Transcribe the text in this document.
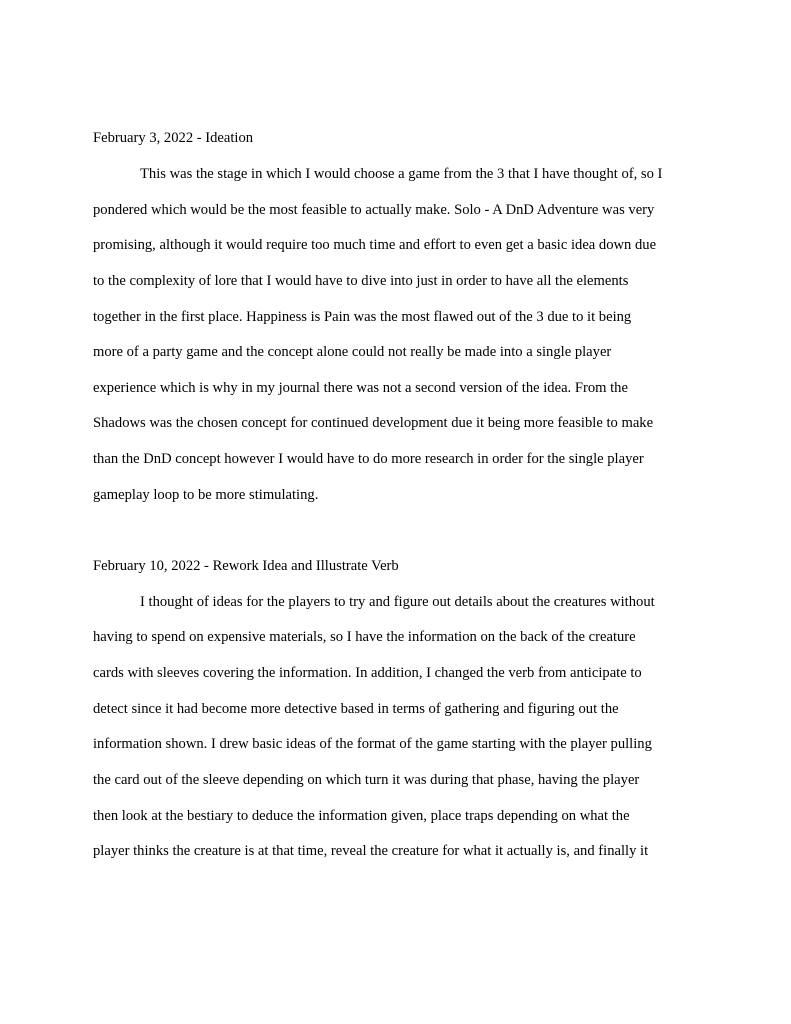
February 3, 2022 - Ideation
This was the stage in which I would choose a game from the 3 that I have thought of, so I
pondered which would be the most feasible to actually make. Solo - A DnD Adventure was very
promising, although it would require too much time and effort to even get a basic idea down due
to the complexity of lore that I would have to dive into just in order to have all the elements
together in the first place. Happiness is Pain was the most flawed out of the 3 due to it being
more of a party game and the concept alone could not really be made into a single player
experience which is why in my journal there was not a second version of the idea. From the
Shadows was the chosen concept for continued development due it being more feasible to make
than the DnD concept however I would have to do more research in order for the single player
gameplay loop to be more stimulating.
February 10, 2022 - Rework Idea and Illustrate Verb
I thought of ideas for the players to try and figure out details about the creatures without
having to spend on expensive materials, so I have the information on the back of the creature
cards with sleeves covering the information. In addition, I changed the verb from anticipate to
detect since it had become more detective based in terms of gathering and figuring out the
information shown. I drew basic ideas of the format of the game starting with the player pulling
the card out of the sleeve depending on which turn it was during that phase, having the player
then look at the bestiary to deduce the information given, place traps depending on what the
player thinks the creature is at that time, reveal the creature for what it actually is, and finally it
